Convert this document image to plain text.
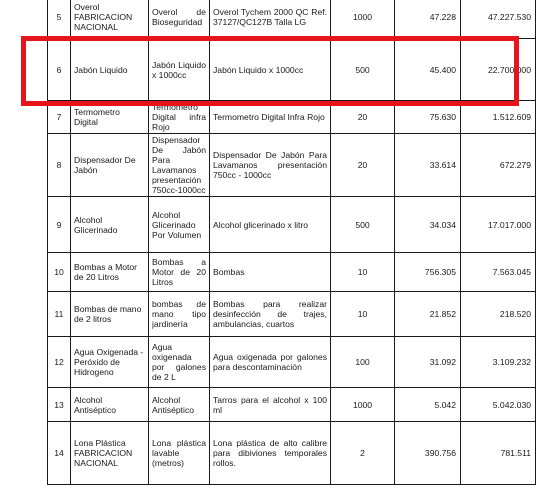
5	Overol FABRICACION NACIONAL	Overol de Bioseguridad	Overol Tychem 2000 QC Ref. 37127/QC127B Talla LG	1000	47.228	47.227.530
6	Jabón Liquido	Jabón Liquido x 1000cc	Jabón Liquido x 1000cc	500	45.400	22.700.000
7	Termometro Digital	Termometro Digital infra Rojo	Termometro Digital Infra Rojo	20	75.630	1.512.609
8	Dispensador De Jabón	Dispensador De Jabón Para Lavamanos presentación 750cc-1000cc	Dispensador De Jabón Para Lavamanos presentación 750cc - 1000cc	20	33.614	672.279
9	Alcohol Glicerinado	Alcohol Glicerinado Por Volumen	Alcohol glicerinado x litro	500	34.034	17.017.000
10	Bombas a Motor de 20 Litros	Bombas a Motor de 20 Litros	Bombas	10	756.305	7.563.045
11	Bombas de mano de 2 litros	bombas de mano tipo jardinería	Bombas para realizar desinfección de trajes, ambulancias, cuartos	10	21.852	218.520
12	Agua Oxigenada - Peróxido de Hidrogeno	Agua oxigenada por galones de 2 L	Agua oxigenada por galones para descontaminación	100	31.092	3.109.232
13	Alcohol Antiséptico	Alcohol Antiséptico	Tarros para el alcohol x 100 ml	1000	5.042	5.042.030
14	Lona Plástica FABRICACION NACIONAL	Lona plástica lavable (metros)	Lona plástica de alto calibre para dibiviones temporales rollos.	2	390.756	781.511
